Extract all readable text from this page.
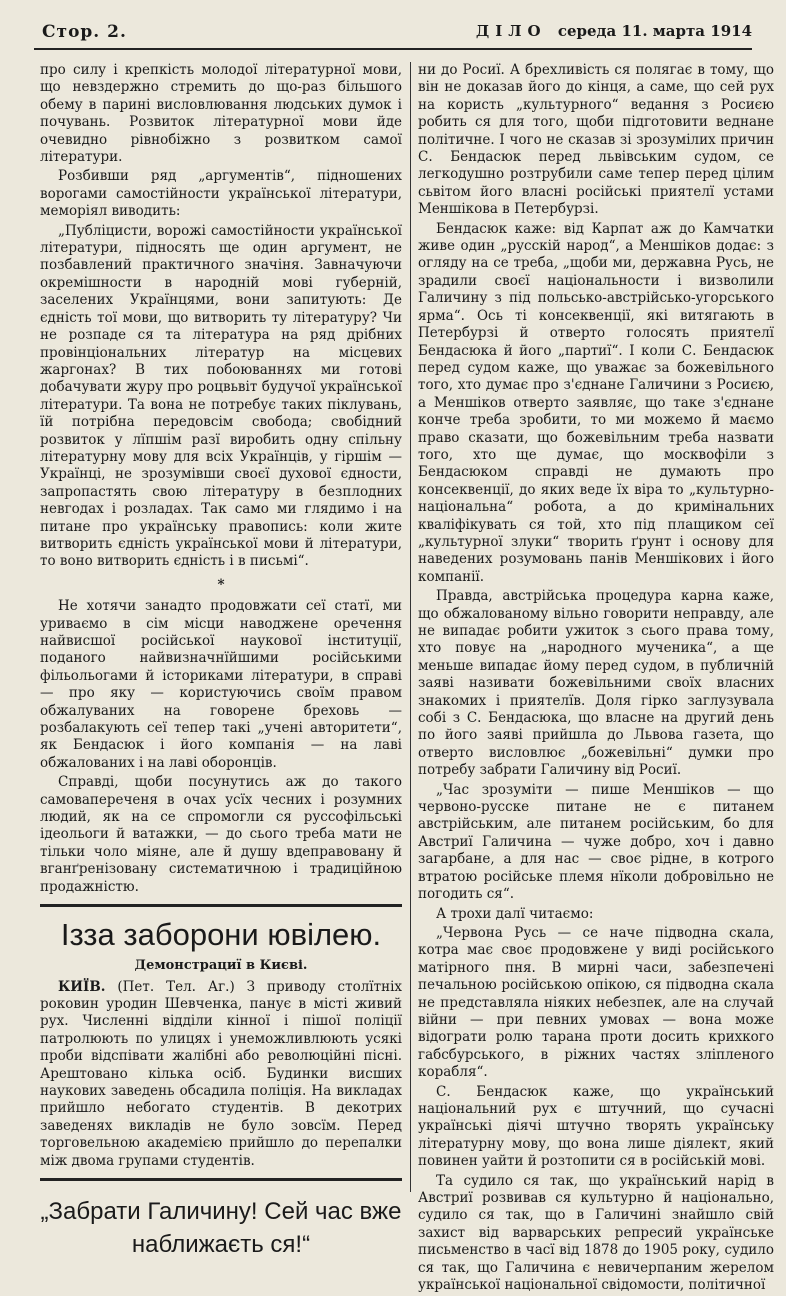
Стор. 2.	ДІЛО середа 11. марта 1914

про силу і крепкість молодої літературної мови, що невздержно стремить до що-раз більшого обему в парині висловлювання людських думок і почувань. Розвиток літературної мови йде очевидно рівнобіжно з розвитком самої літератури.

Розбивши ряд „аргументів“, підношених ворогами самостійности української літератури, меморіял виводить:

„Публіцисти, ворожі самостійности української літератури, підносять ще один аргумент, не позбавлений практичного значіня. Завначуючи окремішности в народній мові губерній, заселених Українцями, вони запитують: Де єдність тої мови, що витворить ту літературу? Чи не розпаде ся та література на ряд дрібних провінціональних літератур на місцевих жаргонах? В тих побоюваннях ми готові добачувати журу про роцвьвіт будучої української літератури. Та вона не потребує таких піклувань, їй потрібна передовсім свобода; свобідний розвиток у лїпшім разї виробить одну спільну літературну мову для всіх Українців, у гіршім — Українці, не зрозумівши своєї духової єдности, запропастять свою літературу в безплодних невгодах і розладах. Так само ми глядимо і на питане про українську правопись: коли жите витворить єдність української мови й літератури, то воно витворить єдність і в письмі“.

*

Не хотячи занадто продовжати сеї статї, ми уриваємо в сім місци наводжене оречення найвисшої російської наукової інституції, поданого найвизначнїйшими російськими фільольогами й істориками літератури, в справі — про яку — користуючись своїм правом обжалуваних на говорене бреховь — розбалакують сеї тепер такі „учені авторитети“, як Бендасюк і його компанія — на лаві обжалованих і на лаві оборонців.

Справді, щоби посунутись аж до такого самовапереченя в очах усїх чесних і розумних людий, як на се спромогли ся руссофільські ідеольоги й ватажки, — до сього треба мати не тільки чоло міяне, але й душу вдеправовану й вганґренізовану систематичною і традиційною продажністю.

Ізза заборони ювілею.
Демонстрациї в Києві.

КИЇВ. (Пет. Тел. Аг.) З приводу столїтніх роковин уродин Шевченка, панує в місті живий рух. Численні відділи кінної і пішої поліції патролюють по улицях і унеможливлюють усякі проби відспівати жалібні або революційні пісні. Арештовано кілька осіб. Будинки висших наукових заведень обсадила поліція. На викладах прийшло небогато студентів. В декотрих заведенях викладів не було зовсїм. Перед торговельною академією прийшло до перепалки між двома групами студентів.

„Забрати Галичину! Сей час вже наближаєть ся!“

ни до Росиї. А брехливість ся полягає в тому, що він не доказав його до кінця, а саме, що сей рух на користь „культурного“ ведання з Росиєю робить ся для того, щоби підготовити веднане політичне. І чого не сказав зі зрозумілих причин С. Бендасюк перед львівським судом, се легкодушно розтрубили саме тепер перед цілим сьвітом його власні російські приятелї устами Меншікова в Петербурзі.

Бендасюк каже: від Карпат аж до Камчатки живе один „русскій народ“, а Меншіков додає: з огляду на се треба, „щоби ми, державна Русь, не зрадили своєї національности і визволили Галичину з під польсько-австрійсько-угорського ярма“. Ось ті консеквенції, які витягають в Петербурзі й отверто голосять приятелї Бендасюка й його „партиї“. І коли С. Бендасюк перед судом каже, що уважає за божевільного того, хто думає про з'єднане Галичини з Росиєю, а Меншіков отверто заявляє, що таке з'єднане конче треба зробити, то ми можемо й маємо право сказати, що божевільним треба назвати того, хто ще думає, що москвофіли з Бендасюком справді не думають про консеквенції, до яких веде їх віра то „культурно-національна“ робота, а до кримінальних кваліфікувать ся той, хто під плащиком сеї „культурної злуки“ творить ґрунт і основу для наведених розумовань панів Меншікових і його компанії.

Правда, австрійська процедура карна каже, що обжалованому вільно говорити неправду, але не випадає робити ужиток з сього права тому, хто повує на „народного мученика“, а ще меньше випадає йому перед судом, в публичній заяві називати божевільними своїх власних знакомих і приятелїв. Доля гірко заглузувала собі з С. Бендасюка, що власне на другий день по його заяві прийшла до Львова газета, що отверто висловлює „божевільні“ думки про потребу забрати Галичину від Росиї.

„Час зрозуміти — пише Меншіков — що червоно-русске питане не є питанем австрійським, але питанем російським, бо для Австриї Галичина — чуже добро, хоч і давно загарбане, а для нас — своє рідне, в котрого втратою російське племя нїколи добровільно не погодить ся“.

А трохи далї читаємо:

„Червона Русь — се наче підводна скала, котра має своє продовжене у виді російського матірного пня. В мирні часи, забезпечені печальною російською опікою, ся підводна скала не представляла ніяких небезпек, але на случай війни — при певних умовах — вона може відограти ролю тарана проти досить крихкого габсбурського, в ріжних частях зліпленого корабля“.

С. Бендасюк каже, що український національний рух є штучний, що сучасні українські діячі штучно творять українську літературну мову, що вона лише діялект, який повинен уайти й розтопити ся в російській мові.

Та судило ся так, що український нарід в Австриї розвивав ся культурно й національно, судило ся так, що в Галичині знайшло свій захист від варварських репресий українське письменство в часї від 1878 до 1905 року, судило ся так, що Галичина є невичерпаним жерелом української національної свідомости, політичної
